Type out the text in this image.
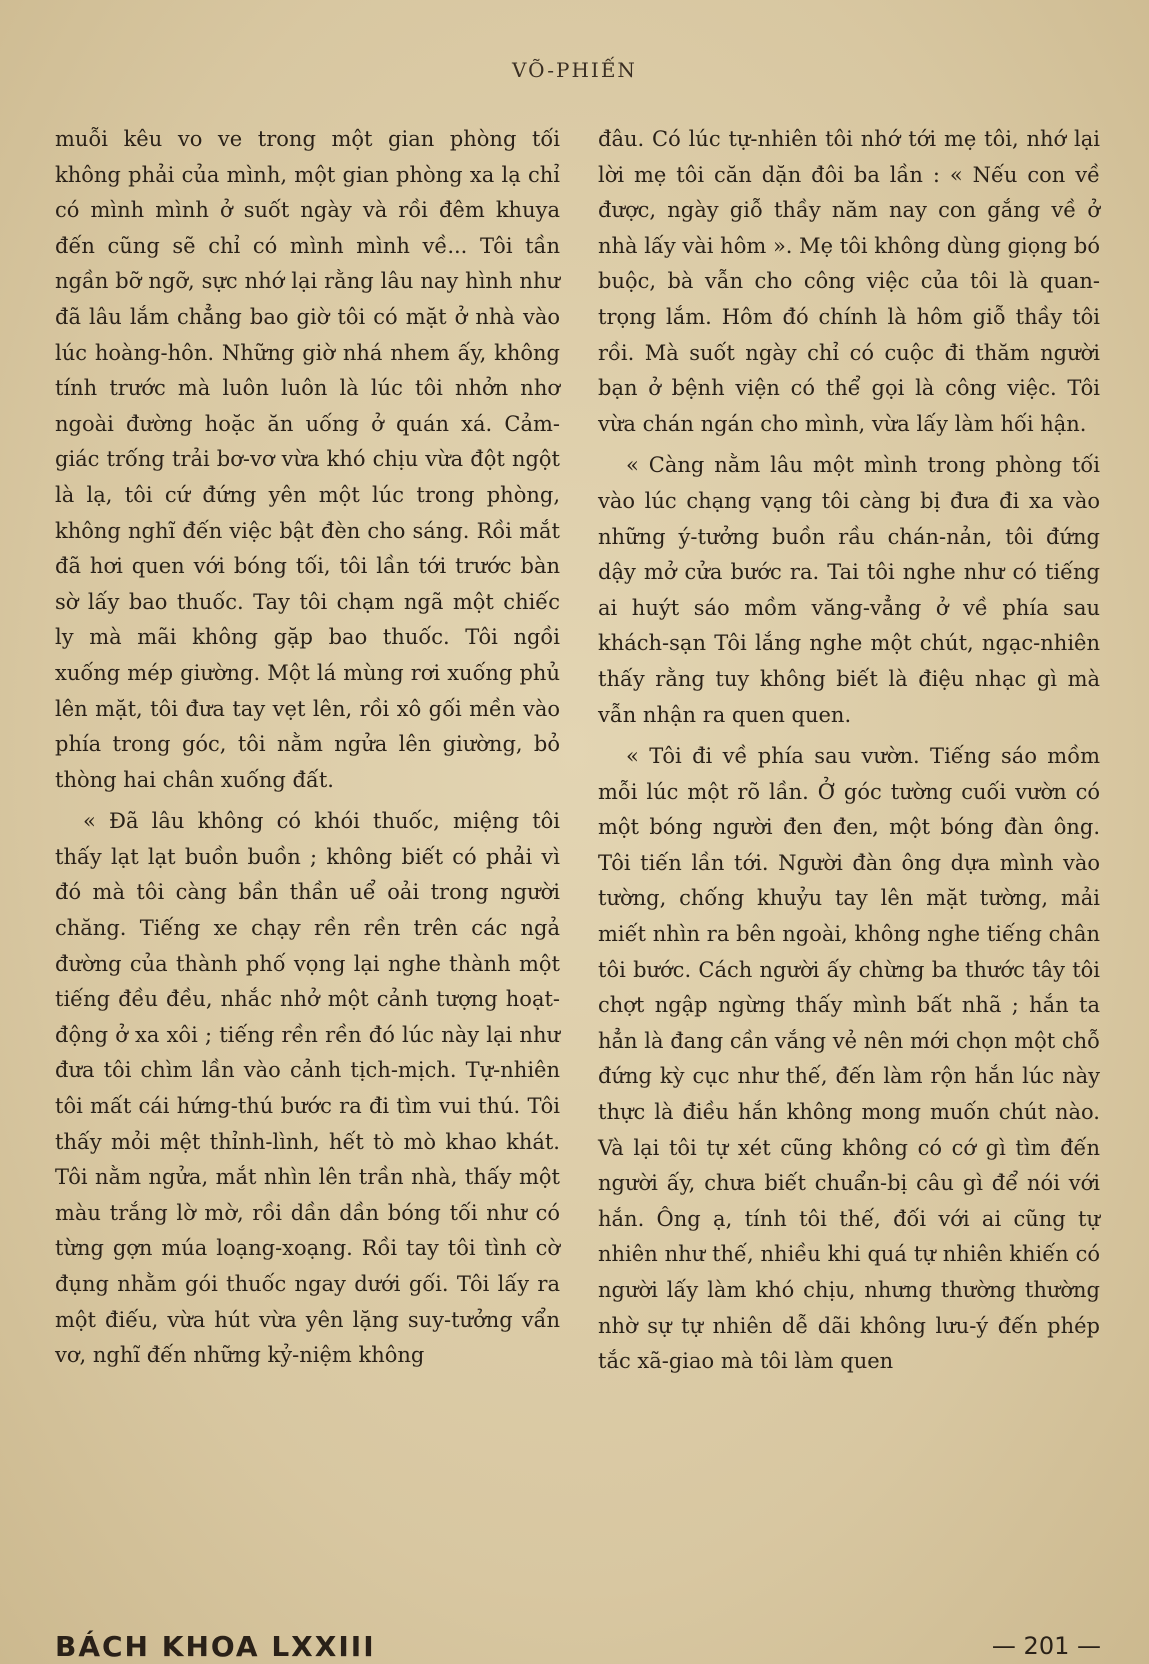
VÕ-PHIẾN

muỗi kêu vo ve trong một gian phòng tối không phải của mình, một gian phòng xa lạ chỉ có mình mình ở suốt ngày và rồi đêm khuya đến cũng sẽ chỉ có mình mình về... Tôi tần ngần bỡ ngỡ, sực nhớ lại rằng lâu nay hình như đã lâu lắm chẳng bao giờ tôi có mặt ở nhà vào lúc hoàng-hôn. Những giờ nhá nhem ấy, không tính trước mà luôn luôn là lúc tôi nhởn nhơ ngoài đường hoặc ăn uống ở quán xá. Cảm-giác trống trải bơ-vơ vừa khó chịu vừa đột ngột là lạ, tôi cứ đứng yên một lúc trong phòng, không nghĩ đến việc bật đèn cho sáng. Rồi mắt đã hơi quen với bóng tối, tôi lần tới trước bàn sờ lấy bao thuốc. Tay tôi chạm ngã một chiếc ly mà mãi không gặp bao thuốc. Tôi ngồi xuống mép giường. Một lá mùng rơi xuống phủ lên mặt, tôi đưa tay vẹt lên, rồi xô gối mền vào phía trong góc, tôi nằm ngửa lên giường, bỏ thòng hai chân xuống đất.

« Đã lâu không có khói thuốc, miệng tôi thấy lạt lạt buồn buồn ; không biết có phải vì đó mà tôi càng bần thần uể oải trong người chăng. Tiếng xe chạy rền rền trên các ngả đường của thành phố vọng lại nghe thành một tiếng đều đều, nhắc nhở một cảnh tượng hoạt-động ở xa xôi ; tiếng rền rền đó lúc này lại như đưa tôi chìm lần vào cảnh tịch-mịch. Tự-nhiên tôi mất cái hứng-thú bước ra đi tìm vui thú. Tôi thấy mỏi mệt thỉnh-lình, hết tò mò khao khát. Tôi nằm ngửa, mắt nhìn lên trần nhà, thấy một màu trắng lờ mờ, rồi dần dần bóng tối như có từng gợn múa loạng-xoạng. Rồi tay tôi tình cờ đụng nhằm gói thuốc ngay dưới gối. Tôi lấy ra một điếu, vừa hút vừa yên lặng suy-tưởng vẩn vơ, nghĩ đến những kỷ-niệm không

đâu. Có lúc tự-nhiên tôi nhớ tới mẹ tôi, nhớ lại lời mẹ tôi căn dặn đôi ba lần : « Nếu con về được, ngày giỗ thầy năm nay con gắng về ở nhà lấy vài hôm ». Mẹ tôi không dùng giọng bó buộc, bà vẫn cho công việc của tôi là quan-trọng lắm. Hôm đó chính là hôm giỗ thầy tôi rồi. Mà suốt ngày chỉ có cuộc đi thăm người bạn ở bệnh viện có thể gọi là công việc. Tôi vừa chán ngán cho mình, vừa lấy làm hối hận.

« Càng nằm lâu một mình trong phòng tối vào lúc chạng vạng tôi càng bị đưa đi xa vào những ý-tưởng buồn rầu chán-nản, tôi đứng dậy mở cửa bước ra. Tai tôi nghe như có tiếng ai huýt sáo mồm văng-vẳng ở về phía sau khách-sạn Tôi lắng nghe một chút, ngạc-nhiên thấy rằng tuy không biết là điệu nhạc gì mà vẫn nhận ra quen quen.

« Tôi đi về phía sau vườn. Tiếng sáo mồm mỗi lúc một rõ lần. Ở góc tường cuối vườn có một bóng người đen đen, một bóng đàn ông. Tôi tiến lần tới. Người đàn ông dựa mình vào tường, chống khuỷu tay lên mặt tường, mải miết nhìn ra bên ngoài, không nghe tiếng chân tôi bước. Cách người ấy chừng ba thước tây tôi chợt ngập ngừng thấy mình bất nhã ; hắn ta hẳn là đang cần vắng vẻ nên mới chọn một chỗ đứng kỳ cục như thế, đến làm rộn hắn lúc này thực là điều hắn không mong muốn chút nào. Và lại tôi tự xét cũng không có cớ gì tìm đến người ấy, chưa biết chuẩn-bị câu gì để nói với hắn. Ông ạ, tính tôi thế, đối với ai cũng tự nhiên như thế, nhiều khi quá tự nhiên khiến có người lấy làm khó chịu, nhưng thường thường nhờ sự tự nhiên dễ dãi không lưu-ý đến phép tắc xã-giao mà tôi làm quen

BÁCH KHOA LXXIII	— 201 —
